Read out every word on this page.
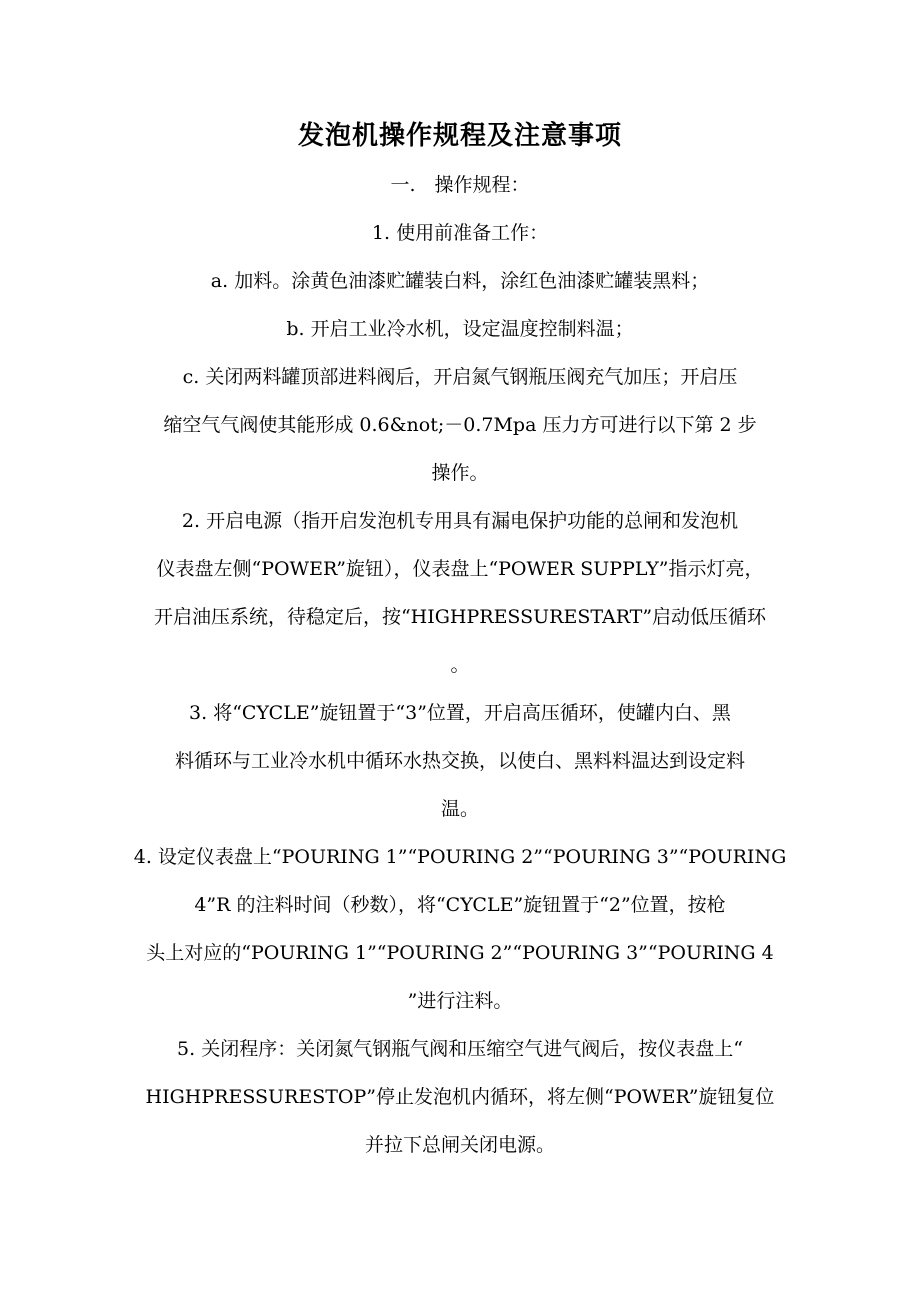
发泡机操作规程及注意事项
一.　操作规程：
1. 使用前准备工作：
a. 加料。涂黄色油漆贮罐装白料，涂红色油漆贮罐装黑料；
b. 开启工业冷水机，设定温度控制料温；
c. 关闭两料罐顶部进料阀后，开启氮气钢瓶压阀充气加压；开启压
缩空气气阀使其能形成 0.6&not;－0.7Mpa 压力方可进行以下第 2 步
操作。
2. 开启电源（指开启发泡机专用具有漏电保护功能的总闸和发泡机
仪表盘左侧“POWER”旋钮），仪表盘上“POWER SUPPLY”指示灯亮，
开启油压系统，待稳定后，按“HIGHPRESSURESTART”启动低压循环
。
3. 将“CYCLE”旋钮置于“3”位置，开启高压循环，使罐内白、黑
料循环与工业冷水机中循环水热交换，以使白、黑料料温达到设定料
温。
4. 设定仪表盘上“POURING 1”“POURING 2”“POURING 3”“POURING
4”R 的注料时间（秒数），将“CYCLE”旋钮置于“2”位置，按枪
头上对应的“POURING 1”“POURING 2”“POURING 3”“POURING 4
”进行注料。
5. 关闭程序：关闭氮气钢瓶气阀和压缩空气进气阀后，按仪表盘上“
HIGHPRESSURESTOP”停止发泡机内循环，将左侧“POWER”旋钮复位
并拉下总闸关闭电源。
